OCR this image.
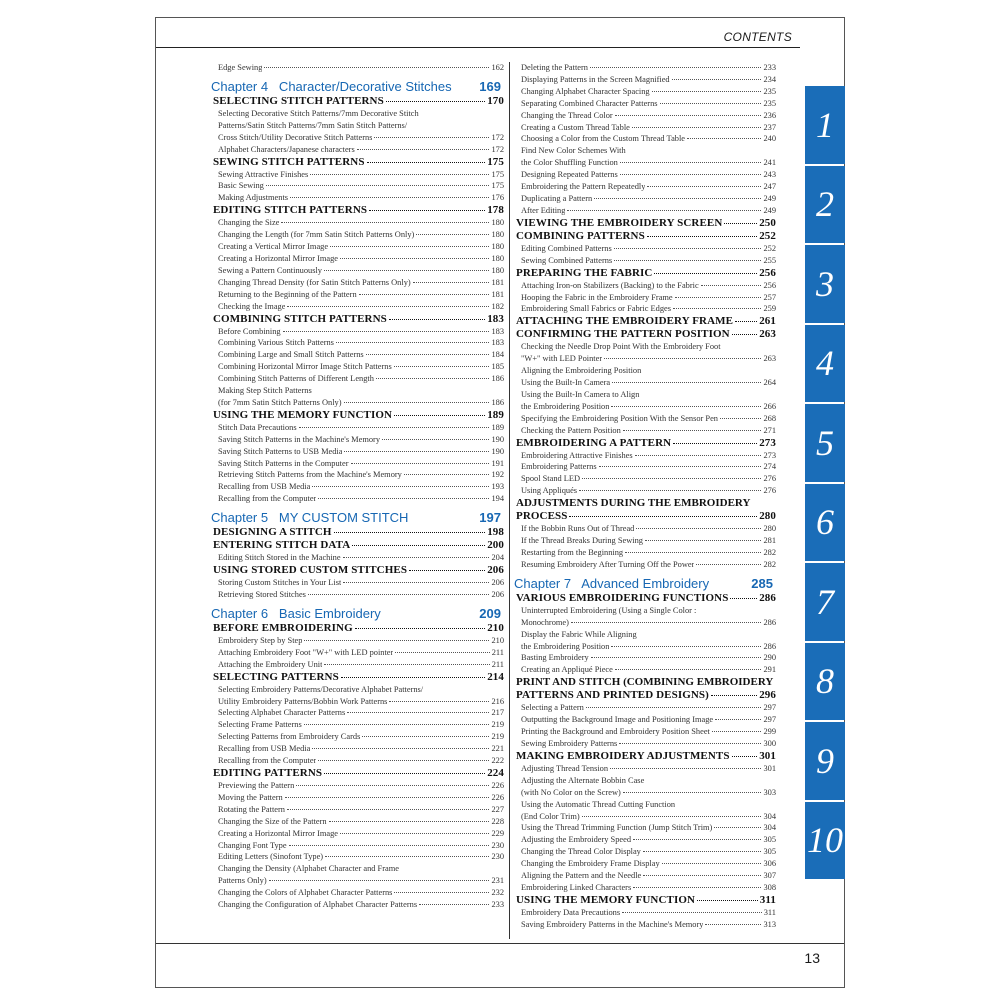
CONTENTS
Edge Sewing	162
Chapter 4   Character/Decorative Stitches 169
SELECTING STITCH PATTERNS	170
Selecting Decorative Stitch Patterns/7mm Decorative Stitch
Patterns/Satin Stitch Patterns/7mm Satin Stitch Patterns/
Cross Stitch/Utility Decorative Stitch Patterns	172
Alphabet Characters/Japanese characters	172
SEWING STITCH PATTERNS	175
Sewing Attractive Finishes	175
Basic Sewing	175
Making Adjustments	176
EDITING STITCH PATTERNS	178
Changing the Size	180
Changing the Length (for 7mm Satin Stitch Patterns Only)	180
Creating a Vertical Mirror Image	180
Creating a Horizontal Mirror Image	180
Sewing a Pattern Continuously	180
Changing Thread Density (for Satin Stitch Patterns Only)	181
Returning to the Beginning of the Pattern	181
Checking the Image	182
COMBINING STITCH PATTERNS	183
Before Combining	183
Combining Various Stitch Patterns	183
Combining Large and Small Stitch Patterns	184
Combining Horizontal Mirror Image Stitch Patterns	185
Combining Stitch Patterns of Different Length	186
Making Step Stitch Patterns
(for 7mm Satin Stitch Patterns Only)	186
USING THE MEMORY FUNCTION	189
Stitch Data Precautions	189
Saving Stitch Patterns in the Machine's Memory	190
Saving Stitch Patterns to USB Media	190
Saving Stitch Patterns in the Computer	191
Retrieving Stitch Patterns from the Machine's Memory	192
Recalling from USB Media	193
Recalling from the Computer	194
Chapter 5   MY CUSTOM STITCH	197
DESIGNING A STITCH	198
ENTERING STITCH DATA	200
Editing Stitch Stored in the Machine	204
USING STORED CUSTOM STITCHES	206
Storing Custom Stitches in Your List	206
Retrieving Stored Stitches	206
Chapter 6   Basic Embroidery	209
BEFORE EMBROIDERING	210
Embroidery Step by Step	210
Attaching Embroidery Foot "W+" with LED pointer	211
Attaching the Embroidery Unit	211
SELECTING PATTERNS	214
Selecting Embroidery Patterns/Decorative Alphabet Patterns/
Utility Embroidery Patterns/Bobbin Work Patterns	216
Selecting Alphabet Character Patterns	217
Selecting Frame Patterns	219
Selecting Patterns from Embroidery Cards	219
Recalling from USB Media	221
Recalling from the Computer	222
EDITING PATTERNS	224
Previewing the Pattern	226
Moving the Pattern	226
Rotating the Pattern	227
Changing the Size of the Pattern	228
Creating a Horizontal Mirror Image	229
Changing Font Type	230
Editing Letters (Sinofont Type)	230
Changing the Density (Alphabet Character and Frame
Patterns Only)	231
Changing the Colors of Alphabet Character Patterns	232
Changing the Configuration of Alphabet Character Patterns	233
Deleting the Pattern	233
Displaying Patterns in the Screen Magnified	234
Changing Alphabet Character Spacing	235
Separating Combined Character Patterns	235
Changing the Thread Color	236
Creating a Custom Thread Table	237
Choosing a Color from the Custom Thread Table	240
Find New Color Schemes With
the Color Shuffling Function	241
Designing Repeated Patterns	243
Embroidering the Pattern Repeatedly	247
Duplicating a Pattern	249
After Editing	249
VIEWING THE EMBROIDERY SCREEN	250
COMBINING PATTERNS	252
Editing Combined Patterns	252
Sewing Combined Patterns	255
PREPARING THE FABRIC	256
Attaching Iron-on Stabilizers (Backing) to the Fabric	256
Hooping the Fabric in the Embroidery Frame	257
Embroidering Small Fabrics or Fabric Edges	259
ATTACHING THE EMBROIDERY FRAME 261
CONFIRMING THE PATTERN POSITION	263
Checking the Needle Drop Point With the Embroidery Foot
"W+" with LED Pointer	263
Aligning the Embroidering Position
Using the Built-In Camera	264
Using the Built-In Camera to Align
the Embroidering Position	266
Specifying the Embroidering Position With the Sensor Pen	268
Checking the Pattern Position	271
EMBROIDERING A PATTERN	273
Embroidering Attractive Finishes	273
Embroidering Patterns	274
Spool Stand LED	276
Using Appliqués	276
ADJUSTMENTS DURING THE EMBROIDERY
PROCESS	280
If the Bobbin Runs Out of Thread	280
If the Thread Breaks During Sewing	281
Restarting from the Beginning	282
Resuming Embroidery After Turning Off the Power	282
Chapter 7   Advanced Embroidery	285
VARIOUS EMBROIDERING FUNCTIONS	286
Uninterrupted Embroidering (Using a Single Color :
Monochrome)	286
Display the Fabric While Aligning
the Embroidering Position	286
Basting Embroidery	290
Creating an Appliqué Piece	291
PRINT AND STITCH (COMBINING EMBROIDERY
PATTERNS AND PRINTED DESIGNS)	296
Selecting a Pattern	297
Outputting the Background Image and Positioning Image	297
Printing the Background and Embroidery Position Sheet	299
Sewing Embroidery Patterns	300
MAKING EMBROIDERY ADJUSTMENTS	301
Adjusting Thread Tension	301
Adjusting the Alternate Bobbin Case
(with No Color on the Screw)	303
Using the Automatic Thread Cutting Function
(End Color Trim)	304
Using the Thread Trimming Function (Jump Stitch Trim)	304
Adjusting the Embroidery Speed	305
Changing the Thread Color Display	305
Changing the Embroidery Frame Display	306
Aligning the Pattern and the Needle	307
Embroidering Linked Characters	308
USING THE MEMORY FUNCTION	311
Embroidery Data Precautions	311
Saving Embroidery Patterns in the Machine's Memory	313
13
1
2
3
4
5
6
7
8
9
10
